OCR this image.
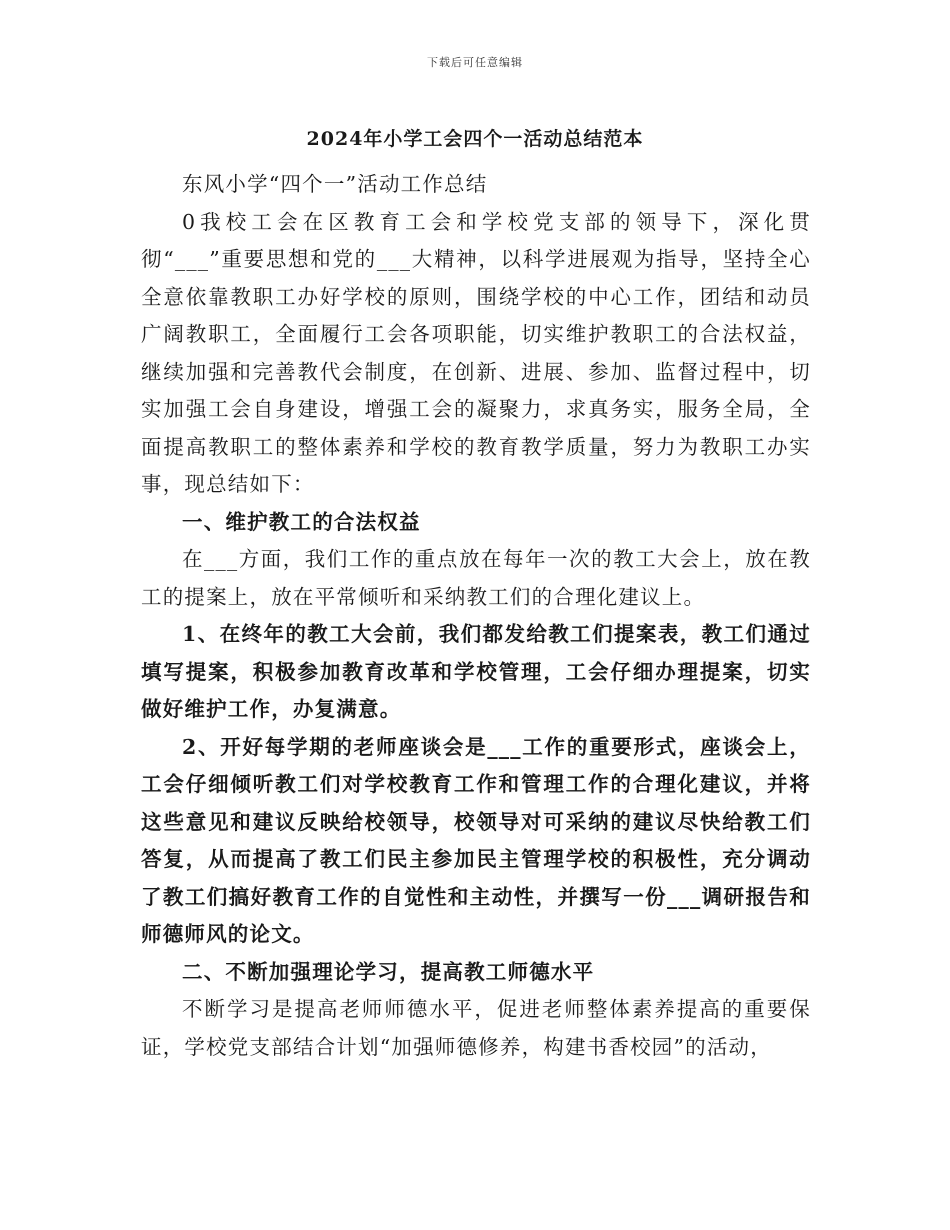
下载后可任意编辑
2024年小学工会四个一活动总结范本

东风小学“四个一”活动工作总结

0我校工会在区教育工会和学校党支部的领导下，深化贯彻“___”重要思想和党的___大精神，以科学进展观为指导，坚持全心全意依靠教职工办好学校的原则，围绕学校的中心工作，团结和动员广阔教职工，全面履行工会各项职能，切实维护教职工的合法权益，继续加强和完善教代会制度，在创新、进展、参加、监督过程中，切实加强工会自身建设，增强工会的凝聚力，求真务实，服务全局，全面提高教职工的整体素养和学校的教育教学质量，努力为教职工办实事，现总结如下：

一、维护教工的合法权益

在___方面，我们工作的重点放在每年一次的教工大会上，放在教工的提案上，放在平常倾听和采纳教工们的合理化建议上。

1、在终年的教工大会前，我们都发给教工们提案表，教工们通过填写提案，积极参加教育改革和学校管理，工会仔细办理提案，切实做好维护工作，办复满意。

2、开好每学期的老师座谈会是___工作的重要形式，座谈会上，工会仔细倾听教工们对学校教育工作和管理工作的合理化建议，并将这些意见和建议反映给校领导，校领导对可采纳的建议尽快给教工们答复，从而提高了教工们民主参加民主管理学校的积极性，充分调动了教工们搞好教育工作的自觉性和主动性，并撰写一份___调研报告和师德师风的论文。

二、不断加强理论学习，提高教工师德水平

不断学习是提高老师师德水平，促进老师整体素养提高的重要保证，学校党支部结合计划“加强师德修养，构建书香校园”的活动，
